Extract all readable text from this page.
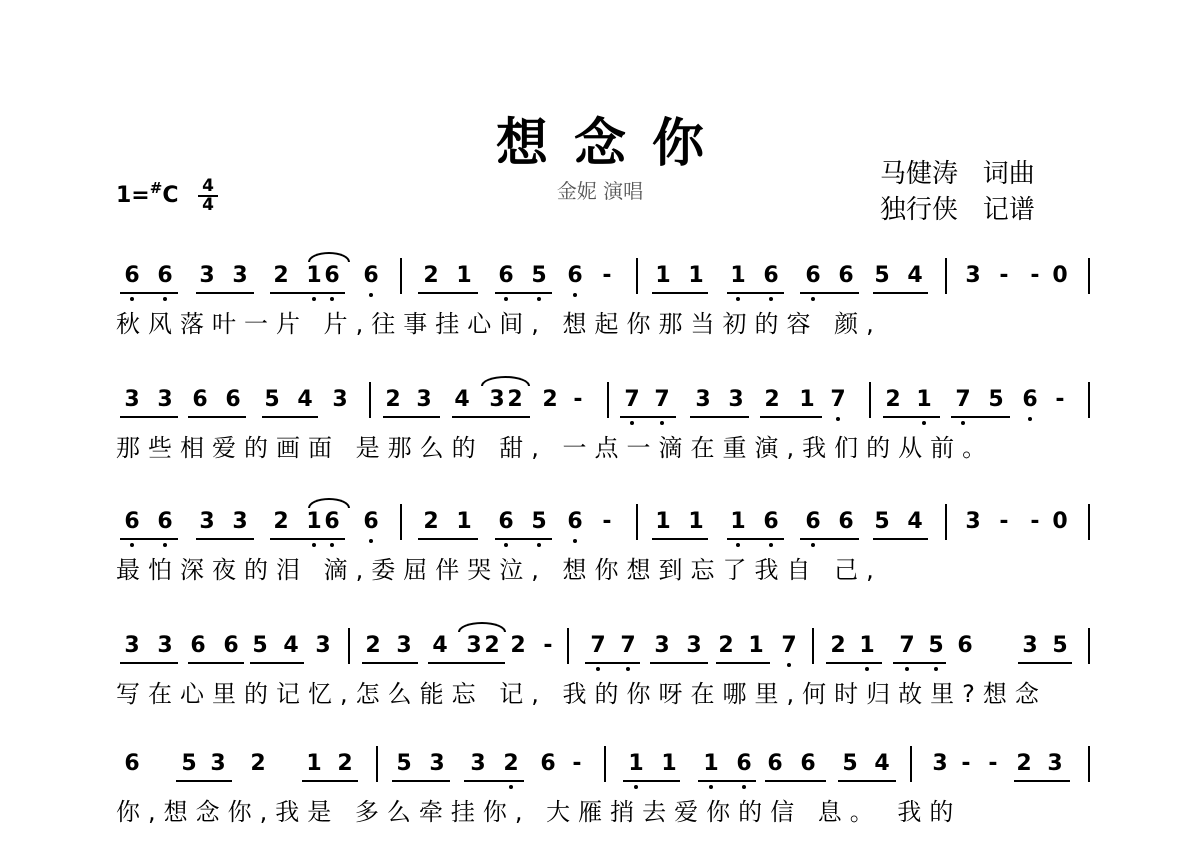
想念你
金妮 演唱
马健涛   词曲
独行侠   记谱
$1=^{\#}C \frac{4}{4}$
6 6 3 3 2 1 6 6 2 1 6 5 6 - 1 1 1 6 6 6 5 4 3 - - 0
秋风落叶一片 片,往事挂心间, 想起你那当初的容 颜,
3 3 6 6 5 4 3 2 3 4 3 2 2 - 7 7 3 3 2 1 7 2 1 7 5 6 -
那些相爱的画面 是那么的 甜, 一点一滴在重演,我们的从前。
6 6 3 3 2 1 6 6 2 1 6 5 6 - 1 1 1 6 6 6 5 4 3 - - 0
最怕深夜的泪 滴,委屈伴哭泣, 想你想到忘了我自 己,
3 3 6 6 5 4 3 2 3 4 3 2 2 - 7 7 3 3 2 1 7 2 1 7 5 6 3 5
写在心里的记忆,怎么能忘 记, 我的你呀在哪里,何时归故里?想念
6 5 3 2 1 2 5 3 3 2 6 - 1 1 1 6 6 6 5 4 3 - - 2 3
你,想念你,我是 多么牵挂你, 大雁捎去爱你的信 息。 我的
